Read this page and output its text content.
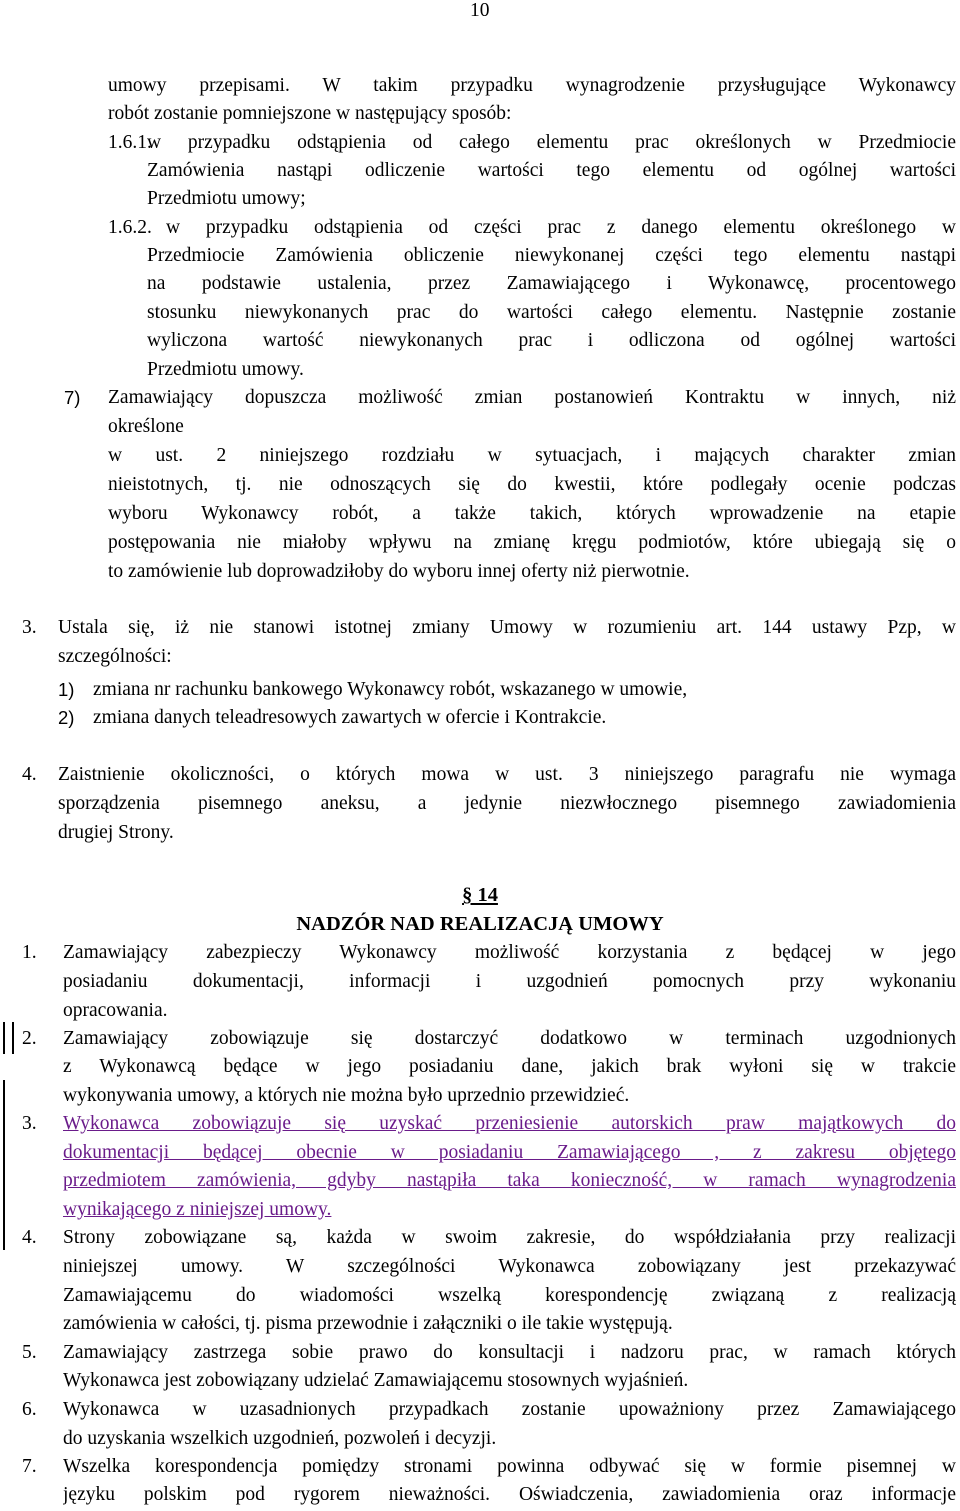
10
umowy przepisami. W takim przypadku wynagrodzenie przysługujące Wykonawcy
robót zostanie pomniejszone w następujący sposób:
1.6.1.
w przypadku odstąpienia od całego elementu prac określonych w Przedmiocie
Zamówienia nastąpi odliczenie wartości tego elementu od ogólnej wartości
Przedmiotu umowy;
1.6.2. w przypadku odstąpienia od części prac z danego elementu określonego w
Przedmiocie Zamówienia obliczenie niewykonanej części tego elementu nastąpi
na podstawie ustalenia, przez Zamawiającego i Wykonawcę, procentowego
stosunku niewykonanych prac do wartości całego elementu. Następnie zostanie
wyliczona wartość niewykonanych prac i odliczona od ogólnej wartości
Przedmiotu umowy.
7) Zamawiający dopuszcza możliwość zmian postanowień Kontraktu w innych, niż
określone
w ust. 2 niniejszego rozdziału w sytuacjach, i mających charakter zmian
nieistotnych, tj. nie odnoszących się do kwestii, które podlegały ocenie podczas
wyboru Wykonawcy robót, a także takich, których wprowadzenie na etapie
postępowania nie miałoby wpływu na zmianę kręgu podmiotów, które ubiegają się o
to zamówienie lub doprowadziłoby do wyboru innej oferty niż pierwotnie.
3. Ustala się, iż nie stanowi istotnej zmiany Umowy w rozumieniu art. 144 ustawy Pzp, w
szczególności:
1) zmiana nr rachunku bankowego Wykonawcy robót, wskazanego w umowie,
2) zmiana danych teleadresowych zawartych w ofercie i Kontrakcie.
4. Zaistnienie okoliczności, o których mowa w ust. 3 niniejszego paragrafu nie wymaga
sporządzenia pisemnego aneksu, a jedynie niezwłocznego pisemnego zawiadomienia
drugiej Strony.
§ 14
NADZÓR NAD REALIZACJĄ UMOWY
1. Zamawiający zabezpieczy Wykonawcy możliwość korzystania z będącej w jego
posiadaniu dokumentacji, informacji i uzgodnień pomocnych przy wykonaniu
opracowania.
2. Zamawiający zobowiązuje się dostarczyć dodatkowo w terminach uzgodnionych
z Wykonawcą będące w jego posiadaniu dane, jakich brak wyłoni się w trakcie
wykonywania umowy, a których nie można było uprzednio przewidzieć.
3. Wykonawca zobowiązuje się uzyskać przeniesienie autorskich praw majątkowych do
dokumentacji będącej obecnie w posiadaniu Zamawiającego , z zakresu objętego
przedmiotem zamówienia, gdyby nastąpiła taka konieczność, w ramach wynagrodzenia
wynikającego z niniejszej umowy.
4. Strony zobowiązane są, każda w swoim zakresie, do współdziałania przy realizacji
niniejszej umowy. W szczególności Wykonawca zobowiązany jest przekazywać
Zamawiającemu do wiadomości wszelką korespondencję związaną z realizacją
zamówienia w całości, tj. pisma przewodnie i załączniki o ile takie występują.
5. Zamawiający zastrzega sobie prawo do konsultacji i nadzoru prac, w ramach których
Wykonawca jest zobowiązany udzielać Zamawiającemu stosownych wyjaśnień.
6. Wykonawca w uzasadnionych przypadkach zostanie upoważniony przez Zamawiającego
do uzyskania wszelkich uzgodnień, pozwoleń i decyzji.
7. Wszelka korespondencja pomiędzy stronami powinna odbywać się w formie pisemnej w
języku polskim pod rygorem nieważności. Oświadczenia, zawiadomienia oraz informacje
